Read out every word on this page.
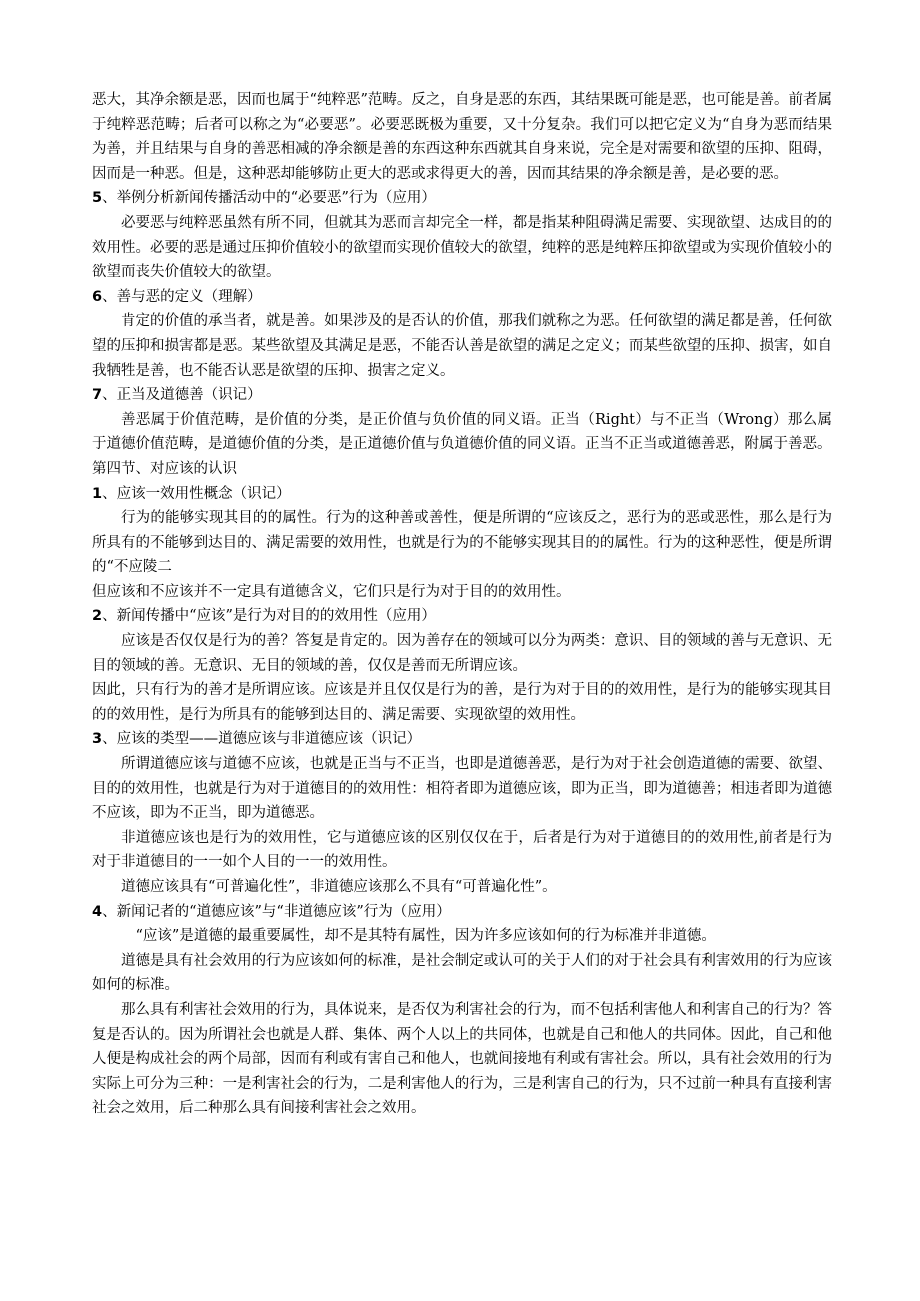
恶大，其净余额是恶，因而也属于“纯粹恶”范畴。反之，自身是恶的东西，其结果既可能是恶，也可能是善。前者属于纯粹恶范畴；后者可以称之为“必要恶”。必要恶既极为重要，又十分复杂。我们可以把它定义为“自身为恶而结果为善，并且结果与自身的善恶相减的净余额是善的东西这种东西就其自身来说，完全是对需要和欲望的压抑、阻碍，因而是一种恶。但是，这种恶却能够防止更大的恶或求得更大的善，因而其结果的净余额是善，是必要的恶。

5、举例分析新闻传播活动中的“必要恶”行为（应用）

必要恶与纯粹恶虽然有所不同，但就其为恶而言却完全一样，都是指某种阻碍满足需要、实现欲望、达成目的的效用性。必要的恶是通过压抑价值较小的欲望而实现价值较大的欲望，纯粹的恶是纯粹压抑欲望或为实现价值较小的欲望而丧失价值较大的欲望。

6、善与恶的定义（理解）

肯定的价值的承当者，就是善。如果涉及的是否认的价值，那我们就称之为恶。任何欲望的满足都是善，任何欲望的压抑和损害都是恶。某些欲望及其满足是恶，不能否认善是欲望的满足之定义；而某些欲望的压抑、损害，如自我牺牲是善，也不能否认恶是欲望的压抑、损害之定义。

7、正当及道德善（识记）

善恶属于价值范畴，是价值的分类，是正价值与负价值的同义语。正当（Right）与不正当（Wrong）那么属于道德价值范畴，是道德价值的分类，是正道德价值与负道德价值的同义语。正当不正当或道德善恶，附属于善恶。

第四节、对应该的认识

1、应该一效用性概念（识记）

行为的能够实现其目的的属性。行为的这种善或善性，便是所谓的“应该反之，恶行为的恶或恶性，那么是行为所具有的不能够到达目的、满足需要的效用性，也就是行为的不能够实现其目的的属性。行为的这种恶性，便是所谓的“不应陵二

但应该和不应该并不一定具有道德含义，它们只是行为对于目的的效用性。

2、新闻传播中“应该”是行为对目的的效用性（应用）

应该是否仅仅是行为的善？答复是肯定的。因为善存在的领域可以分为两类：意识、目的领域的善与无意识、无目的领域的善。无意识、无目的领域的善，仅仅是善而无所谓应该。

因此，只有行为的善才是所谓应该。应该是并且仅仅是行为的善，是行为对于目的的效用性，是行为的能够实现其目的的效用性，是行为所具有的能够到达目的、满足需要、实现欲望的效用性。

3、应该的类型——道德应该与非道德应该（识记）

所谓道德应该与道德不应该，也就是正当与不正当，也即是道德善恶，是行为对于社会创造道德的需要、欲望、目的的效用性，也就是行为对于道德目的的效用性：相符者即为道德应该，即为正当，即为道德善；相违者即为道德不应该，即为不正当，即为道德恶。

非道德应该也是行为的效用性，它与道德应该的区别仅仅在于，后者是行为对于道德目的的效用性,前者是行为对于非道德目的一一如个人目的一一的效用性。

道德应该具有“可普遍化性”，非道德应该那么不具有“可普遍化性”。

4、新闻记者的“道德应该”与“非道德应该”行为（应用）

“应该”是道德的最重要属性，却不是其特有属性，因为许多应该如何的行为标准并非道德。

道德是具有社会效用的行为应该如何的标准，是社会制定或认可的关于人们的对于社会具有利害效用的行为应该如何的标准。

那么具有利害社会效用的行为，具体说来，是否仅为利害社会的行为，而不包括利害他人和利害自己的行为？答复是否认的。因为所谓社会也就是人群、集体、两个人以上的共同体，也就是自己和他人的共同体。因此，自己和他人便是构成社会的两个局部，因而有利或有害自己和他人，也就间接地有利或有害社会。所以，具有社会效用的行为实际上可分为三种：一是利害社会的行为，二是利害他人的行为，三是利害自己的行为，只不过前一种具有直接利害社会之效用，后二种那么具有间接利害社会之效用。
